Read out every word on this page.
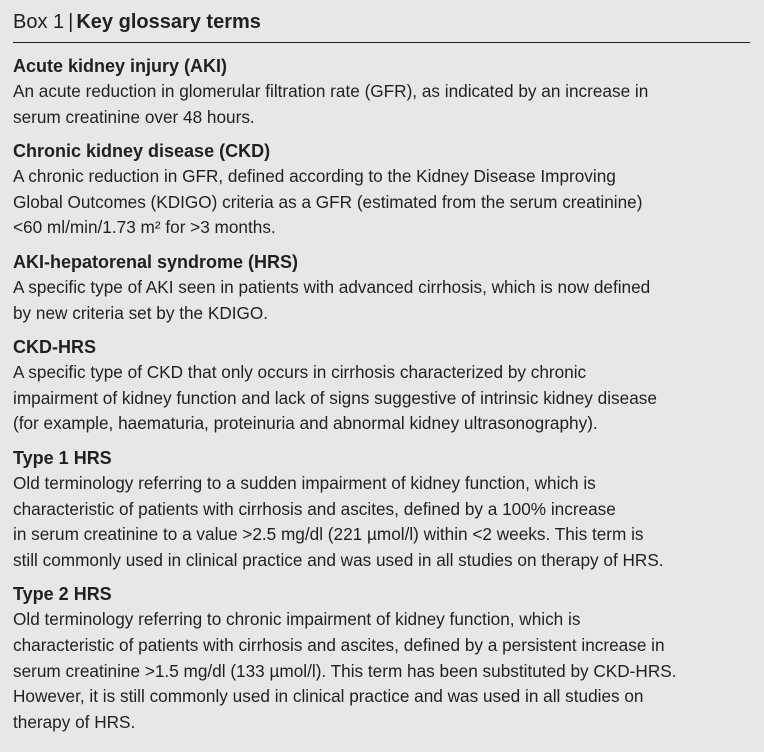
Box 1 | Key glossary terms
Acute kidney injury (AKI)
An acute reduction in glomerular filtration rate (GFR), as indicated by an increase in
serum creatinine over 48 hours.
Chronic kidney disease (CKD)
A chronic reduction in GFR, defined according to the Kidney Disease Improving
Global Outcomes (KDIGO) criteria as a GFR (estimated from the serum creatinine)
<60 ml/min/1.73 m² for >3 months.
AKI-hepatorenal syndrome (HRS)
A specific type of AKI seen in patients with advanced cirrhosis, which is now defined
by new criteria set by the KDIGO.
CKD-HRS
A specific type of CKD that only occurs in cirrhosis characterized by chronic
impairment of kidney function and lack of signs suggestive of intrinsic kidney disease
(for example, haematuria, proteinuria and abnormal kidney ultrasonography).
Type 1 HRS
Old terminology referring to a sudden impairment of kidney function, which is
characteristic of patients with cirrhosis and ascites, defined by a 100% increase
in serum creatinine to a value >2.5 mg/dl (221 µmol/l) within <2 weeks. This term is
still commonly used in clinical practice and was used in all studies on therapy of HRS.
Type 2 HRS
Old terminology referring to chronic impairment of kidney function, which is
characteristic of patients with cirrhosis and ascites, defined by a persistent increase in
serum creatinine >1.5 mg/dl (133 µmol/l). This term has been substituted by CKD-HRS.
However, it is still commonly used in clinical practice and was used in all studies on
therapy of HRS.
